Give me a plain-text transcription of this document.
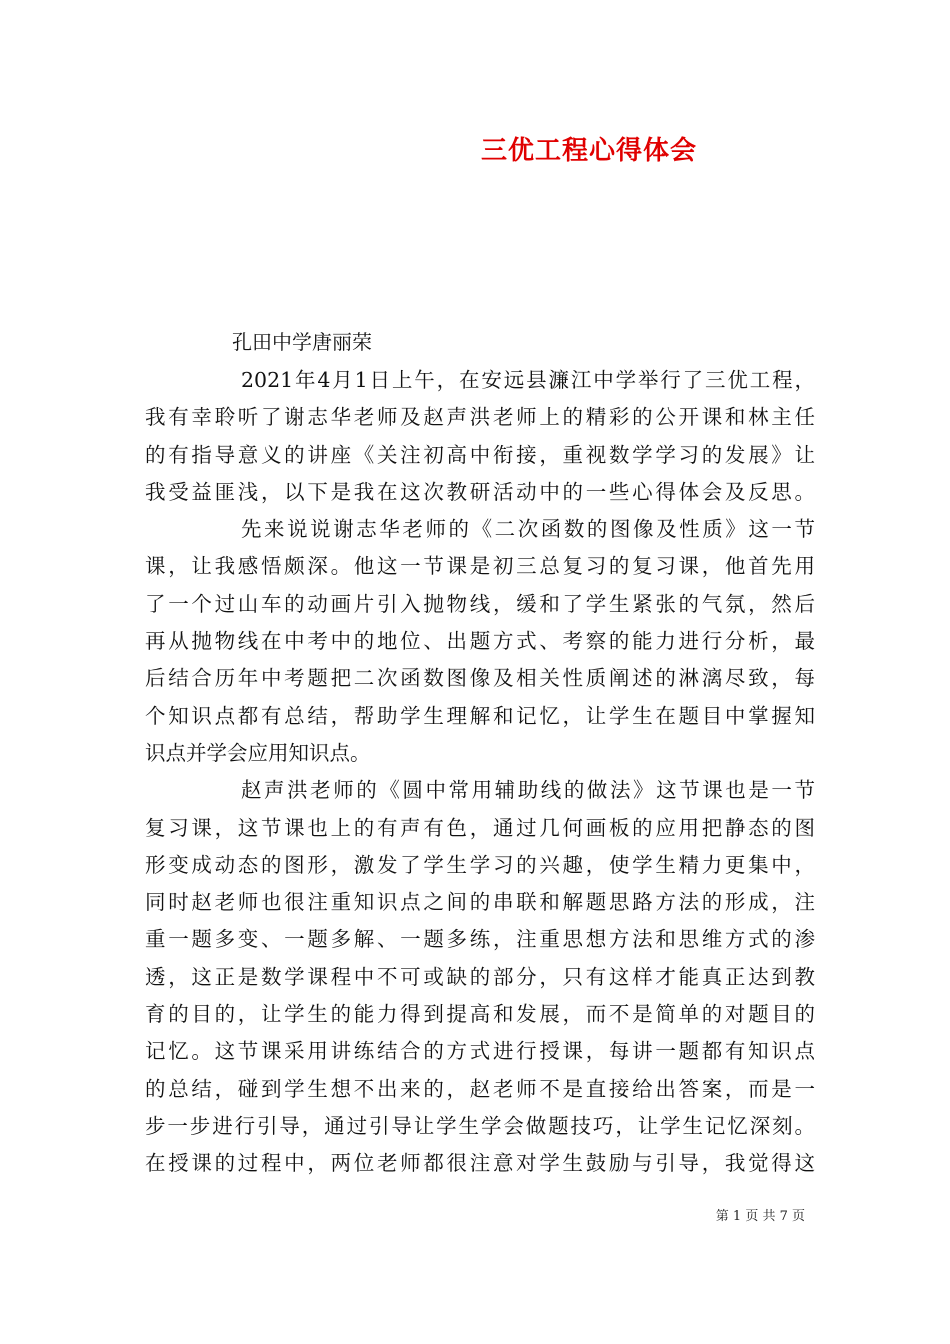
三优工程心得体会
孔田中学唐丽荣
2021年4月1日上午，在安远县濂江中学举行了三优工程，
我有幸聆听了谢志华老师及赵声洪老师上的精彩的公开课和林主任
的有指导意义的讲座《关注初高中衔接，重视数学学习的发展》让
我受益匪浅，以下是我在这次教研活动中的一些心得体会及反思。
先来说说谢志华老师的《二次函数的图像及性质》这一节
课，让我感悟颇深。他这一节课是初三总复习的复习课，他首先用
了一个过山车的动画片引入抛物线，缓和了学生紧张的气氛，然后
再从抛物线在中考中的地位、出题方式、考察的能力进行分析，最
后结合历年中考题把二次函数图像及相关性质阐述的淋漓尽致，每
个知识点都有总结，帮助学生理解和记忆，让学生在题目中掌握知
识点并学会应用知识点。
赵声洪老师的《圆中常用辅助线的做法》这节课也是一节
复习课，这节课也上的有声有色，通过几何画板的应用把静态的图
形变成动态的图形，激发了学生学习的兴趣，使学生精力更集中，
同时赵老师也很注重知识点之间的串联和解题思路方法的形成，注
重一题多变、一题多解、一题多练，注重思想方法和思维方式的渗
透，这正是数学课程中不可或缺的部分，只有这样才能真正达到教
育的目的，让学生的能力得到提高和发展，而不是简单的对题目的
记忆。这节课采用讲练结合的方式进行授课，每讲一题都有知识点
的总结，碰到学生想不出来的，赵老师不是直接给出答案，而是一
步一步进行引导，通过引导让学生学会做题技巧，让学生记忆深刻。
在授课的过程中，两位老师都很注意对学生鼓励与引导，我觉得这
第 1 页 共 7 页
